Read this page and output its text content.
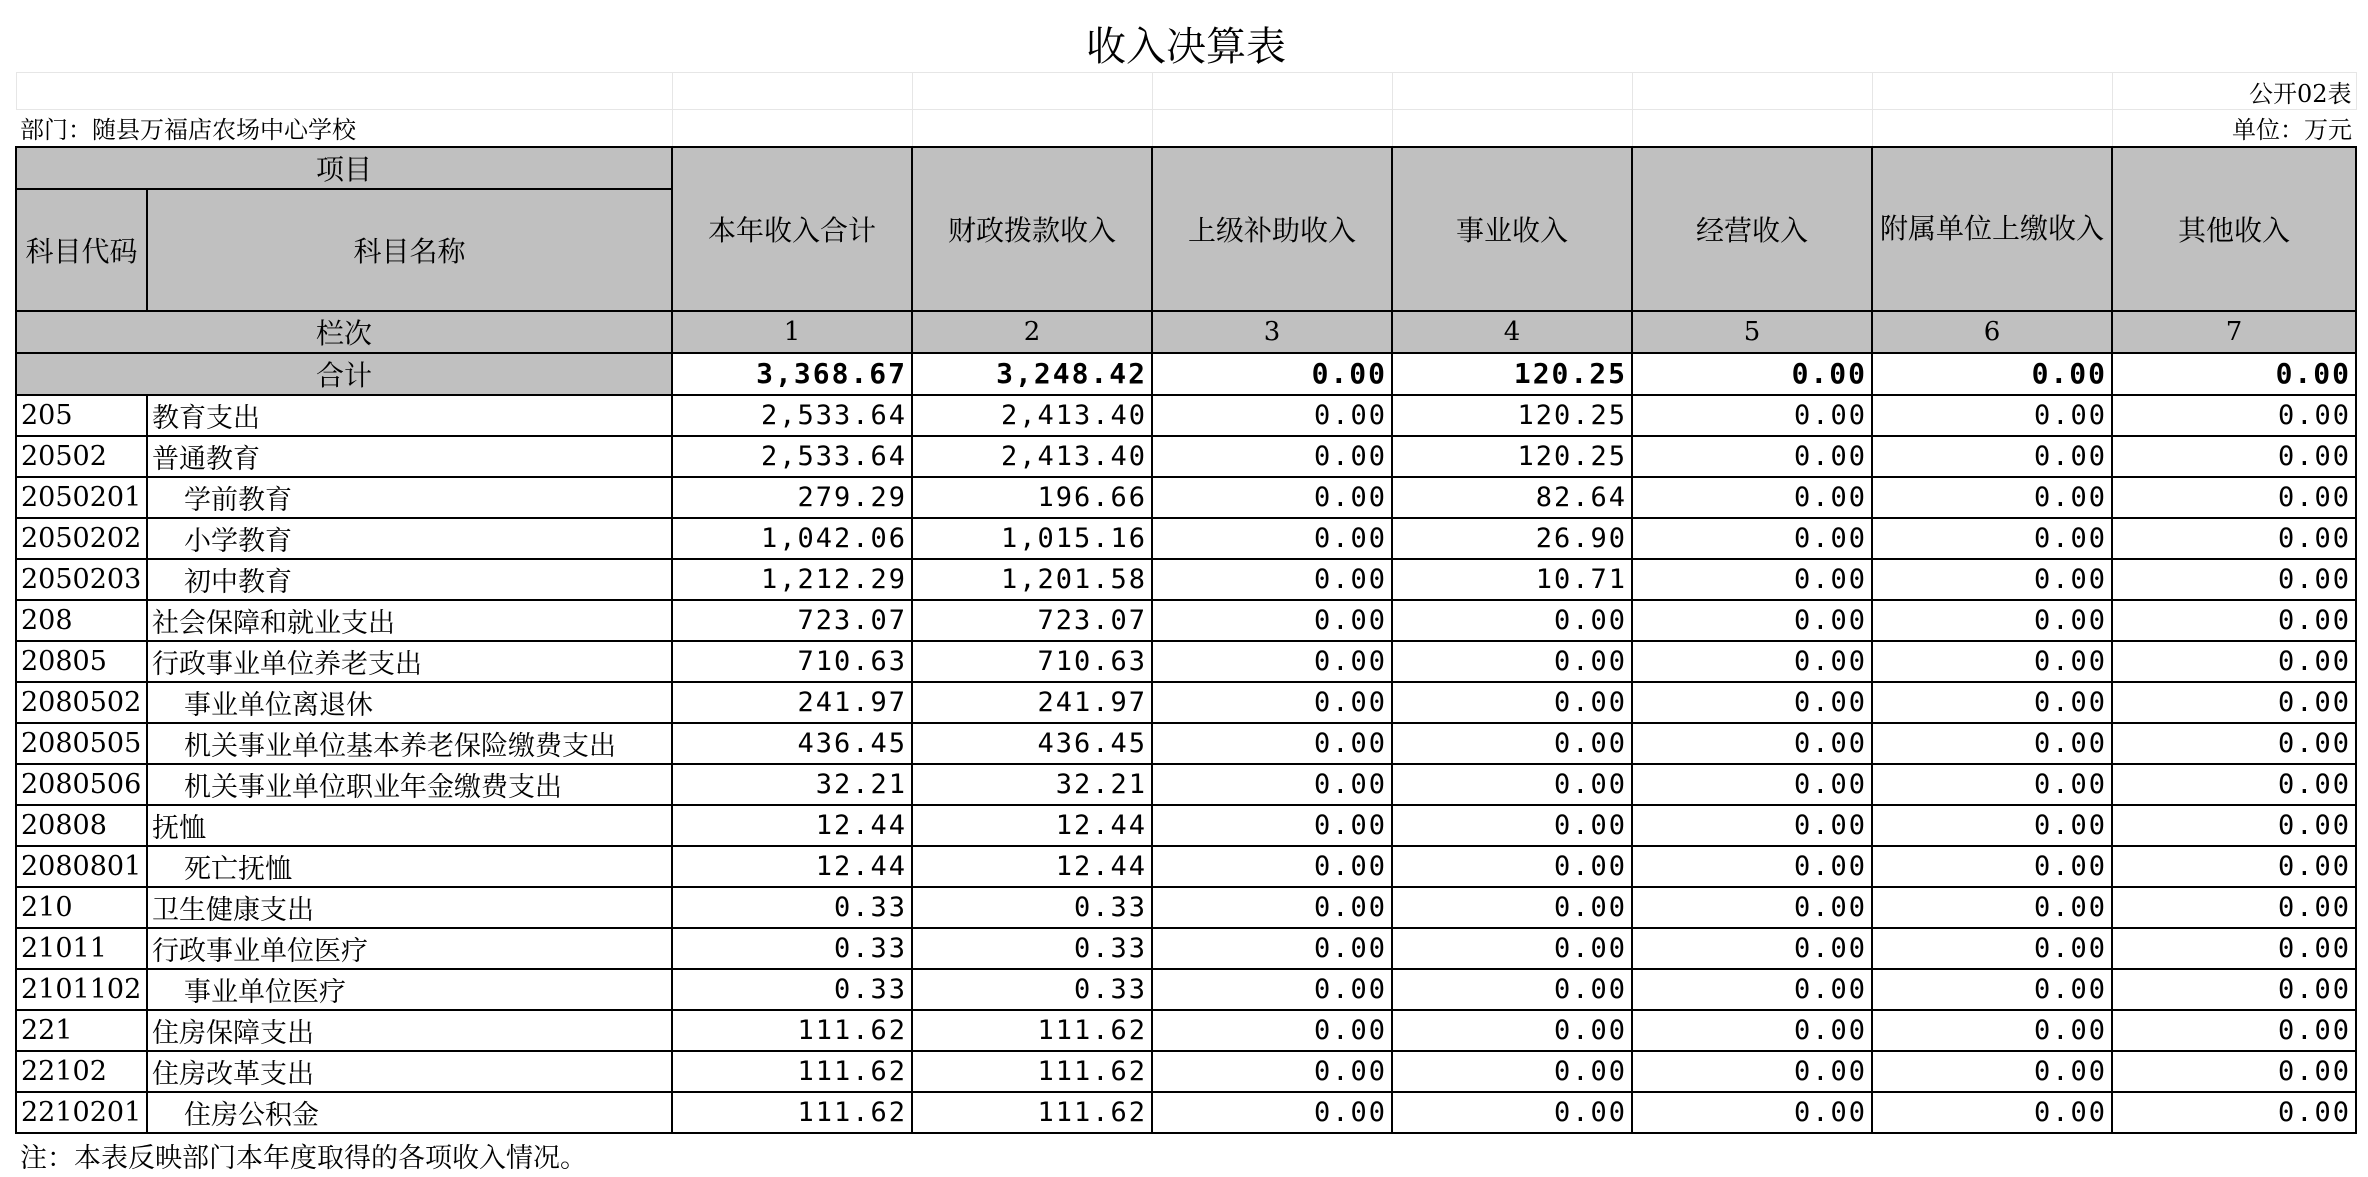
收入决算表								
								公开02表
部门：随县万福店农场中心学校								单位：万元
项目		本年收入合计	财政拨款收入	上级补助收入	事业收入	经营收入	附属单位上缴收入	其他收入
科目代码	科目名称							
栏次		1	2	3	4	5	6	7
合计		3,368.67	3,248.42	0.00	120.25	0.00	0.00	0.00
205	教育支出	2,533.64	2,413.40	0.00	120.25	0.00	0.00	0.00
20502	普通教育	2,533.64	2,413.40	0.00	120.25	0.00	0.00	0.00
2050201	学前教育	279.29	196.66	0.00	82.64	0.00	0.00	0.00
2050202	小学教育	1,042.06	1,015.16	0.00	26.90	0.00	0.00	0.00
2050203	初中教育	1,212.29	1,201.58	0.00	10.71	0.00	0.00	0.00
208	社会保障和就业支出	723.07	723.07	0.00	0.00	0.00	0.00	0.00
20805	行政事业单位养老支出	710.63	710.63	0.00	0.00	0.00	0.00	0.00
2080502	事业单位离退休	241.97	241.97	0.00	0.00	0.00	0.00	0.00
2080505	机关事业单位基本养老保险缴费支出	436.45	436.45	0.00	0.00	0.00	0.00	0.00
2080506	机关事业单位职业年金缴费支出	32.21	32.21	0.00	0.00	0.00	0.00	0.00
20808	抚恤	12.44	12.44	0.00	0.00	0.00	0.00	0.00
2080801	死亡抚恤	12.44	12.44	0.00	0.00	0.00	0.00	0.00
210	卫生健康支出	0.33	0.33	0.00	0.00	0.00	0.00	0.00
21011	行政事业单位医疗	0.33	0.33	0.00	0.00	0.00	0.00	0.00
2101102	事业单位医疗	0.33	0.33	0.00	0.00	0.00	0.00	0.00
221	住房保障支出	111.62	111.62	0.00	0.00	0.00	0.00	0.00
22102	住房改革支出	111.62	111.62	0.00	0.00	0.00	0.00	0.00
2210201	住房公积金	111.62	111.62	0.00	0.00	0.00	0.00	0.00
注：本表反映部门本年度取得的各项收入情况。								
